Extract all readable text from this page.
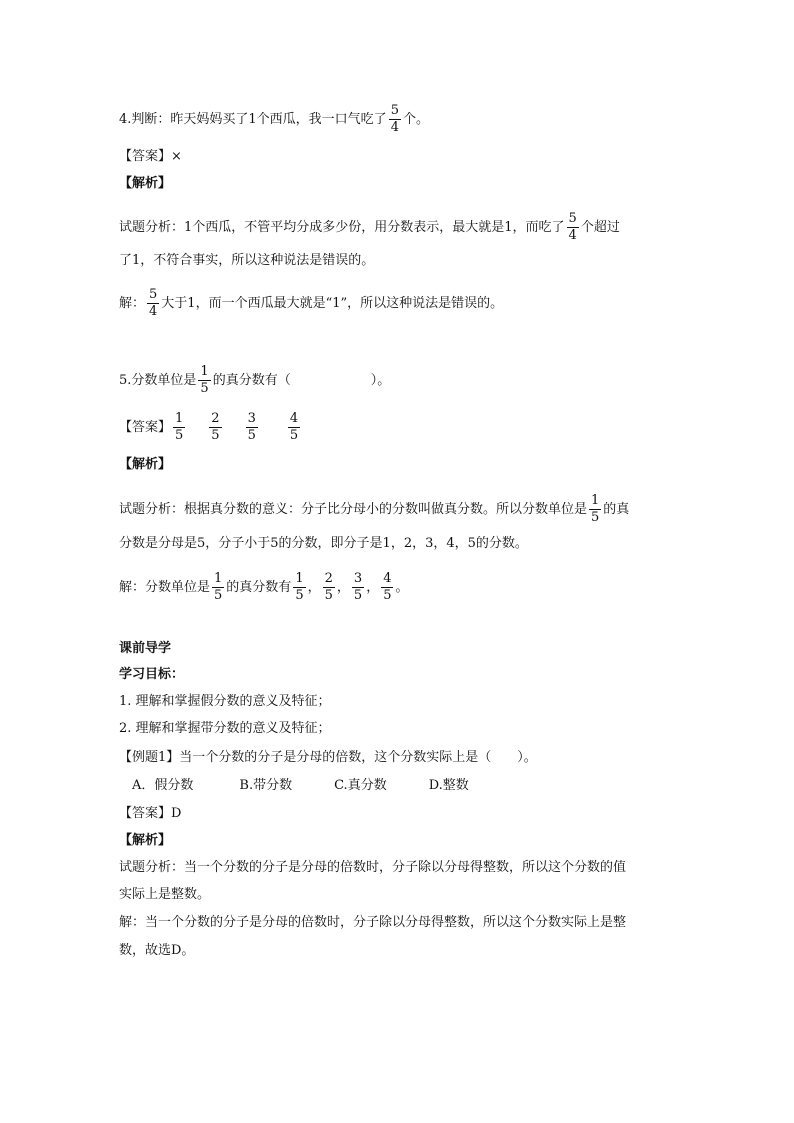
4.判断：昨天妈妈买了1个西瓜，我一口气吃了 $\frac{5}{4}$ 个。
【答案】×
【解析】
试题分析：1个西瓜，不管平均分成多少份，用分数表示，最大就是1，而吃了 $\frac{5}{4}$ 个超过
了1，不符合事实，所以这种说法是错误的。
解： $\frac{5}{4}$ 大于1，而一个西瓜最大就是“1”，所以这种说法是错误的。
5.分数单位是 $\frac{1}{5}$ 的真分数有（	）。
【答案】 $\frac{1}{5} \frac{2}{5} \frac{3}{5} \frac{4}{5}$
【解析】
试题分析：根据真分数的意义：分子比分母小的分数叫做真分数。所以分数单位是 $\frac{1}{5}$ 的真
分数是分母是5，分子小于5的分数，即分子是1，2，3，4，5的分数。
解：分数单位是 $\frac{1}{5}$ 的真分数有 $\frac{1}{5}$ ， $\frac{2}{5}$ ， $\frac{3}{5}$ ， $\frac{4}{5}$ 。
课前导学
学习目标：
1. 理解和掌握假分数的意义及特征；
2. 理解和掌握带分数的意义及特征；
【例题1】当一个分数的分子是分母的倍数，这个分数实际上是（　　）。
A．假分数	B.带分数	C.真分数	D.整数
【答案】D
【解析】
试题分析：当一个分数的分子是分母的倍数时，分子除以分母得整数，所以这个分数的值
实际上是整数。
解：当一个分数的分子是分母的倍数时，分子除以分母得整数，所以这个分数实际上是整
数，故选D。
